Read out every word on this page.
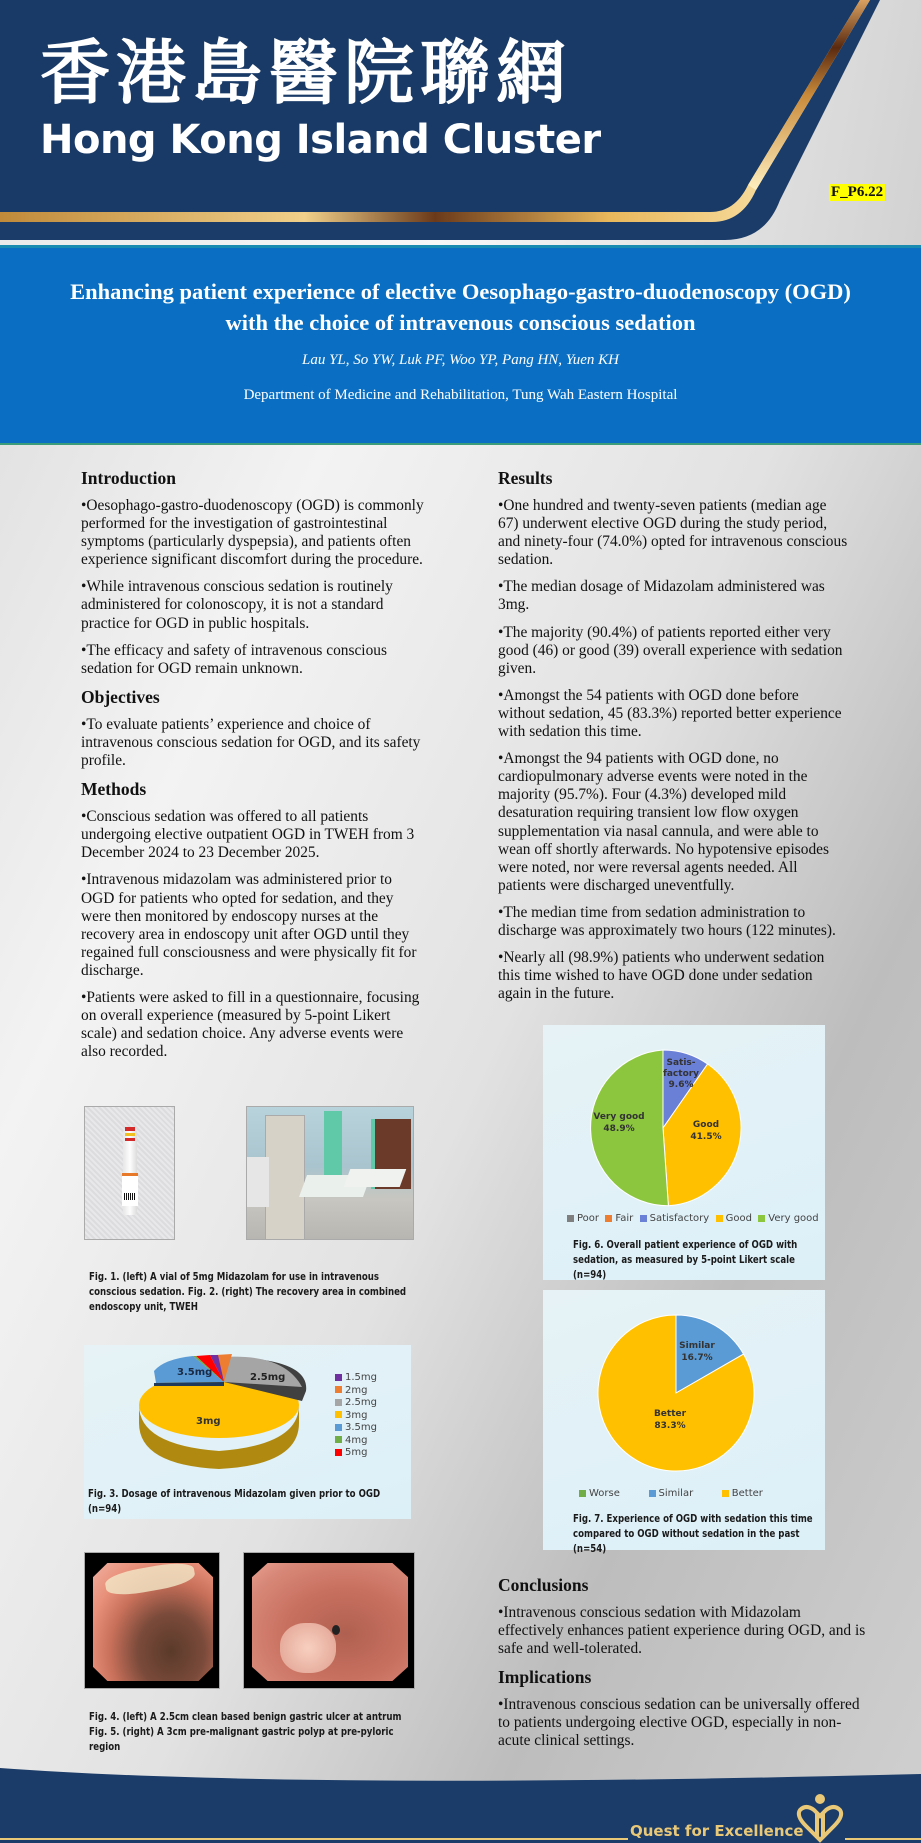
香港島醫院聯網
Hong Kong Island Cluster
F_P6.22
Enhancing patient experience of elective Oesophago-gastro-duodenoscopy (OGD)
with the choice of intravenous conscious sedation
Lau YL, So YW, Luk PF, Woo YP, Pang HN, Yuen KH
Department of Medicine and Rehabilitation, Tung Wah Eastern Hospital
Introduction

•Oesophago-gastro-duodenoscopy (OGD) is commonly performed for the investigation of gastrointestinal symptoms (particularly dyspepsia), and patients often experience significant discomfort during the procedure.

•While intravenous conscious sedation is routinely administered for colonoscopy, it is not a standard practice for OGD in public hospitals.

•The efficacy and safety of intravenous conscious sedation for OGD remain unknown.

Objectives

•To evaluate patients’ experience and choice of intravenous conscious sedation for OGD, and its safety profile.

Methods

•Conscious sedation was offered to all patients undergoing elective outpatient OGD in TWEH from 3 December 2024 to 23 December 2025.

•Intravenous midazolam was administered prior to OGD for patients who opted for sedation, and they were then monitored by endoscopy nurses at the recovery area in endoscopy unit after OGD until they regained full consciousness and were physically fit for discharge.

•Patients were asked to fill in a questionnaire, focusing on overall experience (measured by 5-point Likert scale) and sedation choice. Any adverse events were also recorded.

Fig. 1. (left) A vial of 5mg Midazolam for use in intravenous conscious sedation. Fig. 2. (right) The recovery area in combined endoscopy unit, TWEH
3.5mg	2.5mg
3mg
1.5mg
2mg
2.5mg
3mg
3.5mg
4mg
5mg
Fig. 3. Dosage of intravenous Midazolam given prior to OGD (n=94)
Fig. 4. (left) A 2.5cm clean based benign gastric ulcer at antrum
Fig. 5. (right) A 3cm pre-malignant gastric polyp at pre-pyloric region
Results

•One hundred and twenty-seven patients (median age 67) underwent elective OGD during the study period, and ninety-four (74.0%) opted for intravenous conscious sedation.

•The median dosage of Midazolam administered was 3mg.

•The majority (90.4%) of patients reported either very good (46) or good (39) overall experience with sedation given.

•Amongst the 54 patients with OGD done before without sedation, 45 (83.3%) reported better experience with sedation this time.

•Amongst the 94 patients with OGD done, no cardiopulmonary adverse events were noted in the majority (95.7%). Four (4.3%) developed mild desaturation requiring transient low flow oxygen supplementation via nasal cannula, and were able to wean off shortly afterwards. No hypotensive episodes were noted, nor were reversal agents needed. All patients were discharged uneventfully.

•The median time from sedation administration to discharge was approximately two hours (122 minutes).

•Nearly all (98.9%) patients who underwent sedation this time wished to have OGD done under sedation again in the future.

Satis-
factory
9.6%
Good
41.5%
Very good
48.9%
Poor Fair Satisfactory Good Very good
Fig. 6. Overall patient experience of OGD with sedation, as measured by 5-point Likert scale (n=94)
Similar
16.7%
Better
83.3%
Worse	Similar	Better
Fig. 7. Experience of OGD with sedation this time compared to OGD without sedation in the past (n=54)
Conclusions

•Intravenous conscious sedation with Midazolam effectively enhances patient experience during OGD, and is safe and well-tolerated.

Implications

•Intravenous conscious sedation can be universally offered to patients undergoing elective OGD, especially in non-acute clinical settings.

Quest for Excellence
